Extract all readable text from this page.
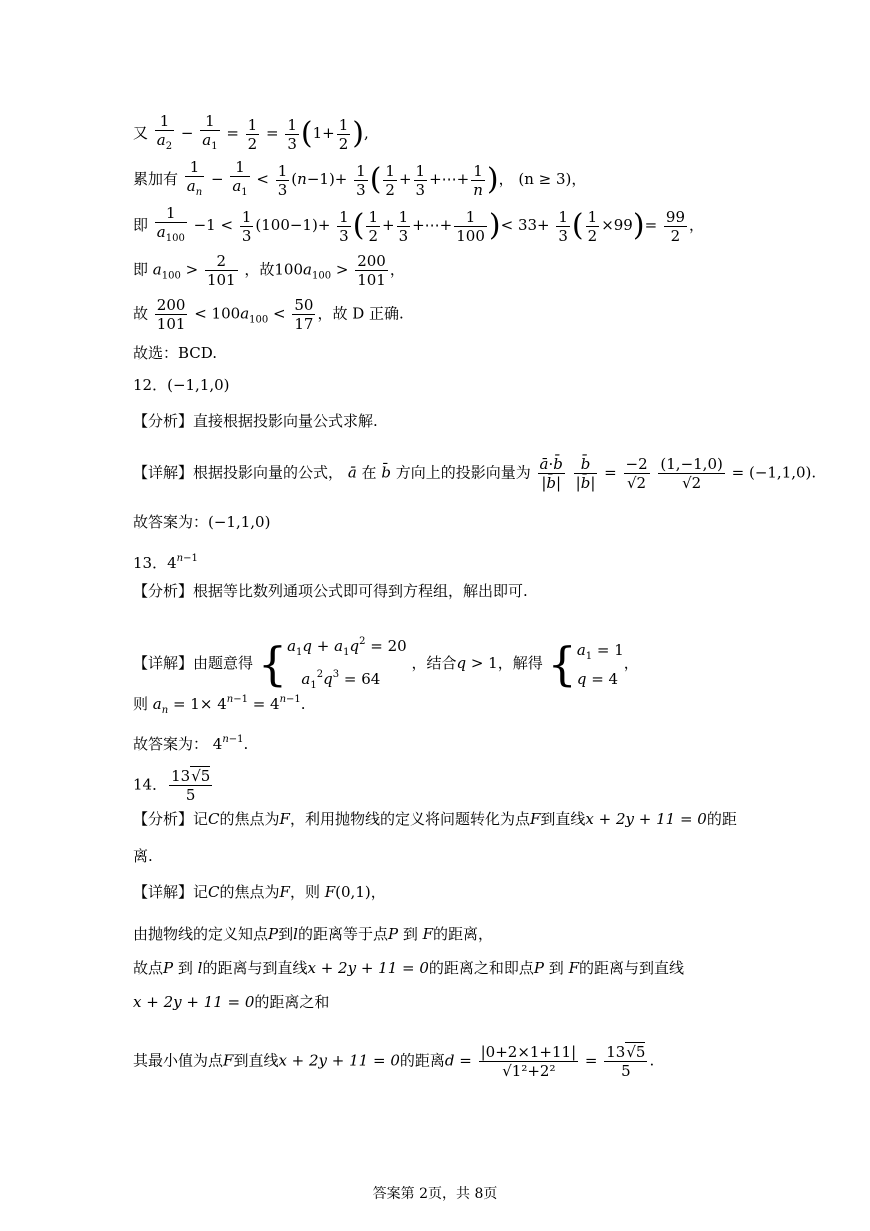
又 $\frac{1}{a_2} - \frac{1}{a_1} = \frac{1}{2} = \frac{1}{3} (1+ \frac{1}{2}$ ),
累加有 $\frac{1}{a_n} - \frac{1}{a_1} < \frac{1}{3} (n-1)+ \frac{1}{3}$ ( $\frac{1}{2} + \frac{1}{3}$ +⋯+ $\frac{1}{n}$ )， (n ≥ 3)，
即 $\frac{1}{a_{100}} -1 < \frac{1}{3} (100-1)+ \frac{1}{3}$ ( $\frac{1}{2} + \frac{1}{3}$ +⋯+ $\frac{1}{100}$ )< $33+ \frac{1}{3}$ ( $\frac{1}{2} \times 99)= \frac{99}{2}$ ，
即 $a_{100} > \frac{2}{101}$ ，故$100a_{100} > \frac{200}{101}$ ，
故 $\frac{200}{101} < 100a_{100} < \frac{50}{17}$ ，故 D 正确.
故选：BCD.
12．(−1,1,0)
【分析】直接根据投影向量公式求解.
【详解】根据投影向量的公式， ā 在 b̄ 方向上的投影向量为 $\frac{ā\cdot b̄}{|b̄|}$
$\frac{b̄}{|b̄|} = \frac{-2}{√2}$
$\frac{(1,-1,0)}{√2} = (-1,1,0)$.
故答案为：(−1,1,0)
13．$4^{n-1}$
【分析】根据等比数列通项公式即可得到方程组，解出即可.
【详解】由题意得 {$a_1q + a_1q^2 = 20$
$a_1^2q^3 = 64$ ，结合q > 1，解得 {$a_1 = 1$
q = 4，
则 $a_n = 1\times 4^{n-1} = 4^{n-1}$.
故答案为： $4^{n-1}$.
14． $\frac{13√5}{5}$
【分析】记C的焦点为F，利用抛物线的定义将问题转化为点F到直线x + 2y + 11 = 0的距
离.
【详解】记C的焦点为F，则 F(0,1)，
由抛物线的定义知点P到l的距离等于点P 到 F的距离，
故点P 到 l的距离与到直线x + 2y + 11 = 0的距离之和即点P 到 F的距离与到直线
x + 2y + 11 = 0的距离之和
其最小值为点F到直线x + 2y + 11 = 0的距离$d = \frac{|0+2\times 1+11|}{\text{√1²+2²}} = \frac{13√5}{5}$ .
答案第 2页，共 8页
